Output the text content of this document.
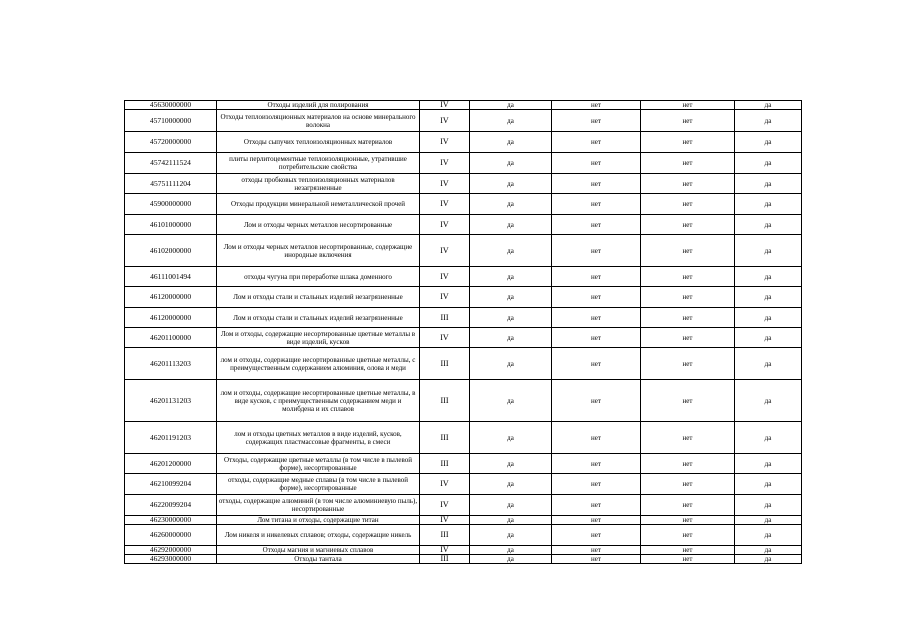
45630000000	Отходы изделий для полирования	IV	да	нет	нет	да
45710000000	Отходы теплоизоляционных материалов на основе минерального волокна	IV	да	нет	нет	да
45720000000	Отходы сыпучих теплоизоляционных материалов	IV	да	нет	нет	да
45742111524	плиты перлитоцементные теплоизоляционные, утратившие потребительские свойства	IV	да	нет	нет	да
45751111204	отходы пробковых теплоизоляционных материалов незагрязненные	IV	да	нет	нет	да
45900000000	Отходы продукции минеральной неметаллической прочей	IV	да	нет	нет	да
46101000000	Лом и отходы черных металлов несортированные	IV	да	нет	нет	да
46102000000	Лом и отходы черных металлов несортированные, содержащие инородные включения	IV	да	нет	нет	да
46111001494	отходы чугуна при переработке шлака доменного	IV	да	нет	нет	да
46120000000	Лом и отходы стали и стальных изделий незагрязненные	IV	да	нет	нет	да
46120000000	Лом и отходы стали и стальных изделий незагрязненные	III	да	нет	нет	да
46201100000	Лом и отходы, содержащие несортированные цветные металлы в виде изделий, кусков	IV	да	нет	нет	да
46201113203	лом и отходы, содержащие несортированные цветные металлы, с преимущественным содержанием алюминия, олова и меди	III	да	нет	нет	да
46201131203	лом и отходы, содержащие несортированные цветные металлы, в виде кусков, с преимущественным содержанием меди и молибдена и их сплавов	III	да	нет	нет	да
46201191203	лом и отходы цветных металлов в виде изделий, кусков, содержащих пластмассовые фрагменты, в смеси	III	да	нет	нет	да
46201200000	Отходы, содержащие цветные металлы (в том числе в пылевой форме), несортированные	III	да	нет	нет	да
46210099204	отходы, содержащие медные сплавы (в том числе в пылевой форме), несортированные	IV	да	нет	нет	да
46220099204	отходы, содержащие алюминий (в том числе алюминиевую пыль), несортированные	IV	да	нет	нет	да
46230000000	Лом титана и отходы, содержащие титан	IV	да	нет	нет	да
46260000000	Лом никеля и никелевых сплавов; отходы, содержащие никель	III	да	нет	нет	да
46292000000	Отходы магния и магниевых сплавов	IV	да	нет	нет	да
46293000000	Отходы тантала	III	да	нет	нет	да
